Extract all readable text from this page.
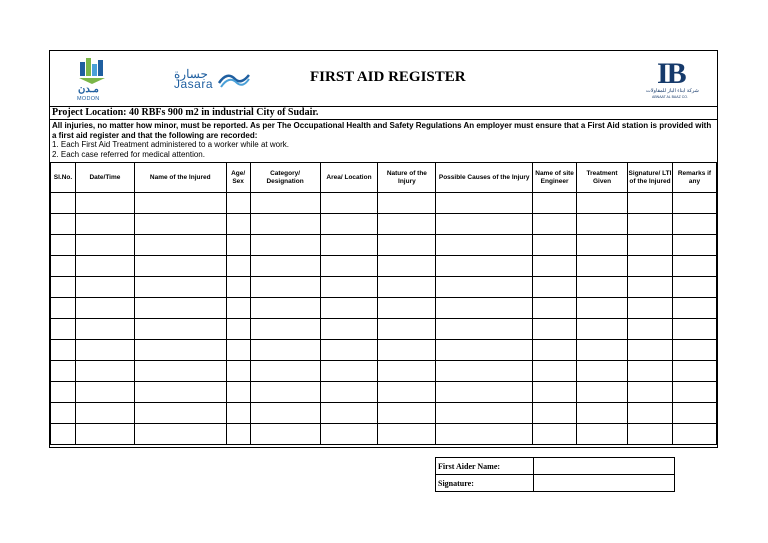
مـدن
MODON
جسارة
Jasara	FIRST AID REGISTER	IB
شركة ابناء الباز للمقاولات
ABNAAT AL BAAZ CO.
Project Location: 40 RBFs 900 m2 in industrial City of Sudair.
All injuries, no matter how minor, must be reported. As per The Occupational Health and Safety Regulations An employer must ensure that a First Aid station is provided with a first aid register and that the following are recorded:
1. Each First Aid Treatment administered to a worker while at work.
2. Each case referred for medical attention.
Sl.No.	Date/Time	Name of the Injured	Age/ Sex	Category/ Designation	Area/ Location	Nature of the Injury	Possible Causes of the Injury	Name of site Engineer	Treatment Given	Signature/ LTI of the Injured	Remarks if any

First Aider Name:	
Signature:	
